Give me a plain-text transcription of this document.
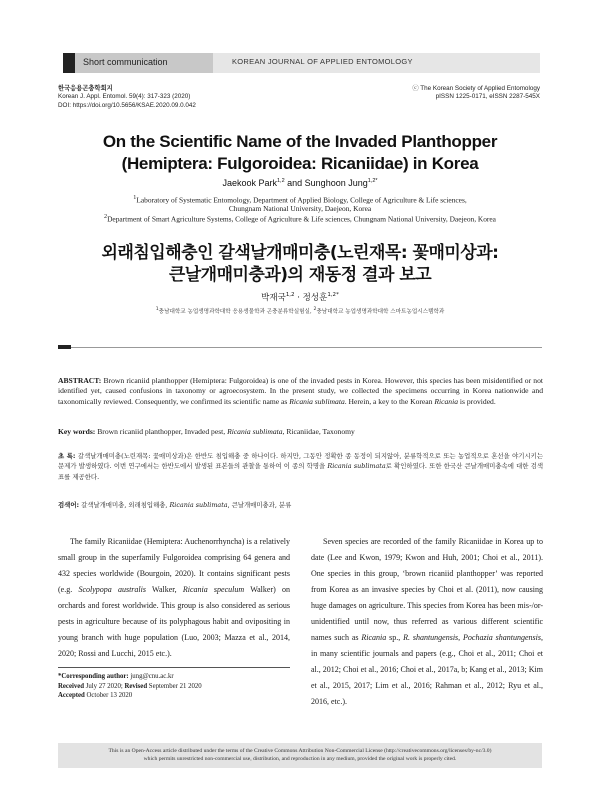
Short communication	KOREAN JOURNAL OF APPLIED ENTOMOLOGY
한국응용곤충학회지
Korean J. Appl. Entomol. 59(4): 317-323 (2020)
DOI: https://doi.org/10.5656/KSAE.2020.09.0.042
ⓒ The Korean Society of Applied Entomology
pISSN 1225-0171, eISSN 2287-545X
On the Scientific Name of the Invaded Planthopper
(Hemiptera: Fulgoroidea: Ricaniidae) in Korea
Jaekook Park$^{1,2}$ and Sunghoon Jung$^{1,2*}$
$^1$Laboratory of Systematic Entomology, Department of Applied Biology, College of Agriculture & Life sciences,
Chungnam National University, Daejeon, Korea
$^2$Department of Smart Agriculture Systems, College of Agriculture & Life sciences, Chungnam National University, Daejeon, Korea
외래침입해충인 갈색날개매미충(노린재목: 꽃매미상과:
큰날개매미충과)의 재동정 결과 보고
박재국$^{1,2}$ · 정성훈$^{1,2*}$
$^1$충남대학교 농업생명과학대학 응용생물학과 곤충분류학실험실, $^2$충남대학교 농업생명과학대학 스마트농업시스템학과
ABSTRACT: Brown ricaniid planthopper (Hemiptera: Fulgoroidea) is one of the invaded pests in Korea. However, this species has been misidentified or not identified yet, caused confusions in taxonomy or agroecosystem. In the present study, we collected the specimens occurring in Korea nationwide and taxonomically reviewed. Consequently, we confirmed its scientific name as Ricania sublimata. Herein, a key to the Korean Ricania is provided.
Key words: Brown ricaniid planthopper, Invaded pest, Ricania sublimata, Ricaniidae, Taxonomy
초 록: 갈색날개매미충(노린재목: 꽃매미상과)은 한반도 침입해충 중 하나이다. 하지만, 그동안 정확한 종 동정이 되지않아, 분류학적으로 또는 농업적으로 혼선을 야기시키는 문제가 발생하였다. 이번 연구에서는 한반도에서 발생된 표본들의 관찰을 통하여 이 종의 학명을 Ricania sublimata로 확인하였다. 또한 한국산 큰날개매미충속에 대한 검색표를 제공한다.
검색어: 갈색날개매미충, 외래침입해충, Ricania sublimata, 큰날개매미충과, 분류
The family Ricaniidae (Hemiptera: Auchenorrhyncha) is a relatively small group in the superfamily Fulgoroidea comprising 64 genera and 432 species worldwide (Bourgoin, 2020). It contains significant pests (e.g. Scolypopa australis Walker, Ricania speculum Walker) on orchards and forest worldwide. This group is also considered as serious pests in agriculture because of its polyphagous habit and ovipositing in young branch with huge population (Luo, 2003; Mazza et al., 2014, 2020; Rossi and Lucchi, 2015 etc.).
Seven species are recorded of the family Ricaniidae in Korea up to date (Lee and Kwon, 1979; Kwon and Huh, 2001; Choi et al., 2011). One species in this group, ‘brown ricaniid planthopper’ was reported from Korea as an invasive species by Choi et al. (2011), now causing huge damages on agriculture. This species from Korea has been mis-/or-unidentified until now, thus referred as various different scientific names such as Ricania sp., R. shantungensis, Pochazia shantungensis, in many scientific journals and papers (e.g., Choi et al., 2011; Choi et al., 2012; Choi et al., 2016; Choi et al., 2017a, b; Kang et al., 2013; Kim et al., 2015, 2017; Lim et al., 2016; Rahman et al., 2012; Ryu et al., 2016, etc.).
*Corresponding author: jung@cnu.ac.kr
Received July 27 2020; Revised September 21 2020
Accepted October 13 2020
This is an Open-Access article distributed under the terms of the Creative Commons Attribution Non-Commercial License (http://creativecommons.org/licenses/by-nc/3.0)
which permits unrestricted non-commercial use, distribution, and reproduction in any medium, provided the original work is properly cited.
